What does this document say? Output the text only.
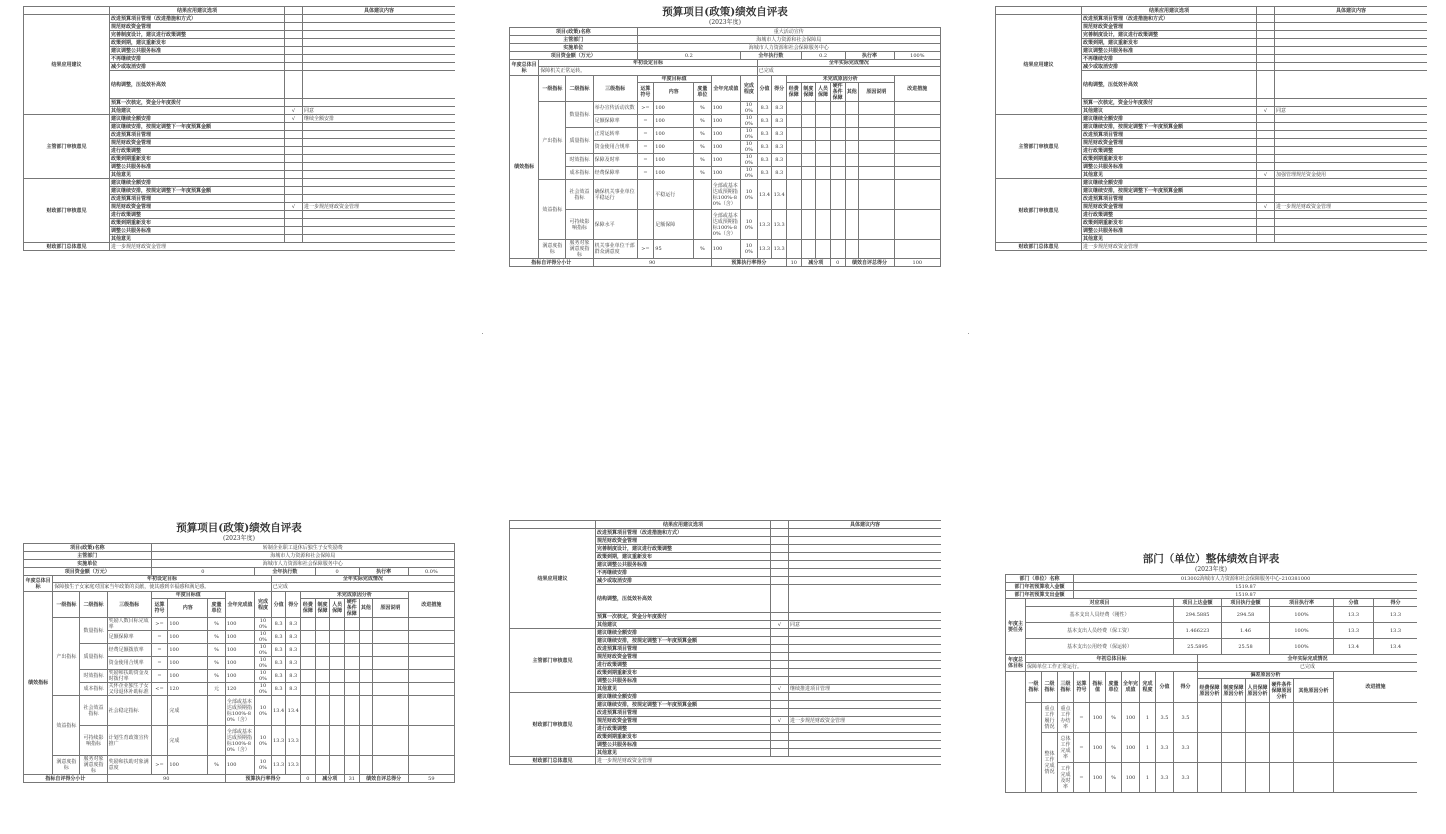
	结果应用建议选项		具体建议内容
结果应用建议	改进预算项目管理（改进措施和方式）		
	规范财政资金管理		
	完善制度设计，建议进行政策调整		
	政策到期，建议重新发布		
	建议调整公共服务标准		
	不再继续安排		
	减少或取消安排		
	结构调整，压低效补高效		
	预算一次核定，资金分年度拨付		
	其他建议	√	同意
主管部门审核意见	建议继续全额安排	√	继续全额安排
	建议继续安排，按规定调整下一年度预算金额		
	改进预算项目管理		
	规范财政资金管理		
	进行政策调整		
	政策到期重新发布		
	调整公共服务标准		
	其他意见		
财政部门审核意见	建议继续全额安排		
	建议继续安排，按规定调整下一年度预算金额		
	改进预算项目管理		
	规范财政资金管理	√	进一步规范财政资金管理
	进行政策调整		
	政策到期重新发布		
	调整公共服务标准		
	其他意见		
财政部门总体意见	进一步规范财政资金管理		
预算项目(政策)绩效自评表
(2023年度)
项目(政策)名称				重大活动宣传													
主管部门				海城市人力资源和社会保障局													
实施单位				海城市人力资源和社会保障服务中心													
项目资金额（万元）				0.2				全年执行数				0.2			执行率		100%
年度总体目标	年初设定目标								全年实际完成情况								
	保障机关正常运转。								已完成								
绩效指标	一级指标	二级指标	三级指标	年度目标值			全年完成值	完成程度	分值	得分	未完成原因分析						改进措施
				运算符号	内容	度量单位					经费保障	制度保障	人员保障	硬件条件保障	其他	原因说明	
	产出指标	数量指标	举办宣传活动次数	>=	100	%	100	100%	8.3	8.3							
			足额保障率	=	100	%	100	100%	8.3	8.3							
		质量指标	正常运转率	=	100	%	100	100%	8.3	8.3							
			资金使用合规率	=	100	%	100	100%	8.3	8.3							
		时效指标	保障及时率	=	100	%	100	100%	8.3	8.3							
		成本指标	经费保障率	=	100	%	100	100%	8.3	8.3							
	效益指标	社会效益指标	确保机关事业单位平稳运行		平稳运行		全部或基本达成预期指标100%-80%（含）	100%	13.4	13.4							
		可持续影响指标	保障水平		足额保障		全部或基本达成预期指标100%-80%（含）	100%	13.3	13.3							
	满意度指标	服务对象满意度指标	机关事业单位干部群众满意度	>=	95	%	100	100%	13.3	13.3							
指标自评得分小计			90				预算执行率得分				10	减分项		0	绩效自评总得分		100
	结果应用建议选项		具体建议内容
结果应用建议	改进预算项目管理（改进措施和方式）		
	规范财政资金管理		
	完善制度设计，建议进行政策调整		
	政策到期，建议重新发布		
	建议调整公共服务标准		
	不再继续安排		
	减少或取消安排		
	结构调整，压低效补高效		
	预算一次核定，资金分年度拨付		
	其他建议	√	同意
主管部门审核意见	建议继续全额安排		
	建议继续安排，按规定调整下一年度预算金额		
	改进预算项目管理		
	规范财政资金管理		
	进行政策调整		
	政策到期重新发布		
	调整公共服务标准		
	其他意见	√	加强管理规范资金使用
财政部门审核意见	建议继续全额安排		
	建议继续安排，按规定调整下一年度预算金额		
	改进预算项目管理		
	规范财政资金管理	√	进一步规范财政资金管理
	进行政策调整		
	政策到期重新发布		
	调整公共服务标准		
	其他意见		
财政部门总体意见	进一步规范财政资金管理		
预算项目(政策)绩效自评表
(2023年度)
项目(政策)名称				转制企业职工退休后独生子女奖励费													
主管部门				海城市人力资源和社会保障局													
实施单位				海城市人力资源和社会保障服务中心													
项目资金额（万元）				0				全年执行数				0			执行率		0.0%
年度总体目标	年初设定目标								全年实际完成情况								
	保障独生子女家庭对国家当年政策的贡献，使其感到幸福感和满足感。								已完成								
绩效指标	一级指标	二级指标	三级指标	年度目标值			全年完成值	完成程度	分值	得分	未完成原因分析						改进措施
				运算符号	内容	度量单位					经费保障	制度保障	人员保障	硬件条件保障	其他	原因说明	
	产出指标	数量指标	奖励人数目标完成率	>=	100	%	100	100%	8.3	8.3							
			足额保障率	=	100	%	100	100%	8.3	8.3							
		质量指标	经费足额拨放率	=	100	%	100	100%	8.3	8.3							
			资金使用合规率	=	100	%	100	100%	8.3	8.3							
		时效指标	奖励和扶助资金及时拨付率	=	100	%	100	100%	8.3	8.3							
		成本指标	关怀企业独生子女父母退休补助标准	<=	120	元	120	100%	8.3	8.3							
	效益指标	社会效益指标	社会稳定指标		完成		全部或基本达成预期指标100%-80%（含）	100%	13.4	13.4							
		可持续影响指标	计划生育政策宣传推广		完成		全部或基本达成预期指标100%-80%（含）	100%	13.3	13.3							
	满意度指标	服务对象满意度指标	奖励和扶助对象满意度	>=	100	%	100	100%	13.3	13.3							
指标自评得分小计			90				预算执行率得分				0	减分项		31	绩效自评总得分		59
	结果应用建议选项		具体建议内容
结果应用建议	改进预算项目管理（改进措施和方式）		
	规范财政资金管理		
	完善制度设计，建议进行政策调整		
	政策到期，建议重新发布		
	建议调整公共服务标准		
	不再继续安排		
	减少或取消安排		
	结构调整，压低效补高效		
	预算一次核定，资金分年度拨付		
	其他建议	√	同意
主管部门审核意见	建议继续全额安排		
	建议继续安排，按规定调整下一年度预算金额		
	改进预算项目管理		
	规范财政资金管理		
	进行政策调整		
	政策到期重新发布		
	调整公共服务标准		
	其他意见	√	继续推进项目管理
财政部门审核意见	建议继续全额安排		
	建议继续安排，按规定调整下一年度预算金额		
	改进预算项目管理		
	规范财政资金管理	√	进一步规范财政资金管理
	进行政策调整		
	政策到期重新发布		
	调整公共服务标准		
	其他意见		
财政部门总体意见	进一步规范财政资金管理		
部门（单位）整体绩效自评表
(2023年度)
部门（单位）名称				013002海城市人力资源和社会保障服务中心-210381000													
部门年初预算收入金额				1519.87													
部门年初预算支出金额				1519.87													
年度主要任务	对应项目									项目上达金额		项目执行金额		项目执行率		分值	得分
	基本支出人员经费（刚性）									294.5885		294.58		100%		13.3	13.3
	基本支出人员经费（保工资）									1.466223		1.46		100%		13.3	13.3
	基本支出公用经费（保运转）									25.5895		25.58		100%		13.4	13.4
年度总体目标	年初总体目标										全年实际完成情况						
	保障单位工作正常运行。										已完成						
	一级指标	二级指标	三级指标	运算符号	指标值	度量单位	全年完成值	完成程度	分值	得分	偏差原因分析					改进措施	
											经费保障原因分析	制度保障原因分析	人员保障原因分析	硬件条件保障原因分析	其他原因分析		
		重点工作履行情况	重点工作办结率	=	100	%	100	1	3.5	3.5							
		整体工作完成情况	总体工作完成率	=	100	%	100	1	3.3	3.3							
			工作完成及时率	=	100	%	100	1	3.3	3.3							
